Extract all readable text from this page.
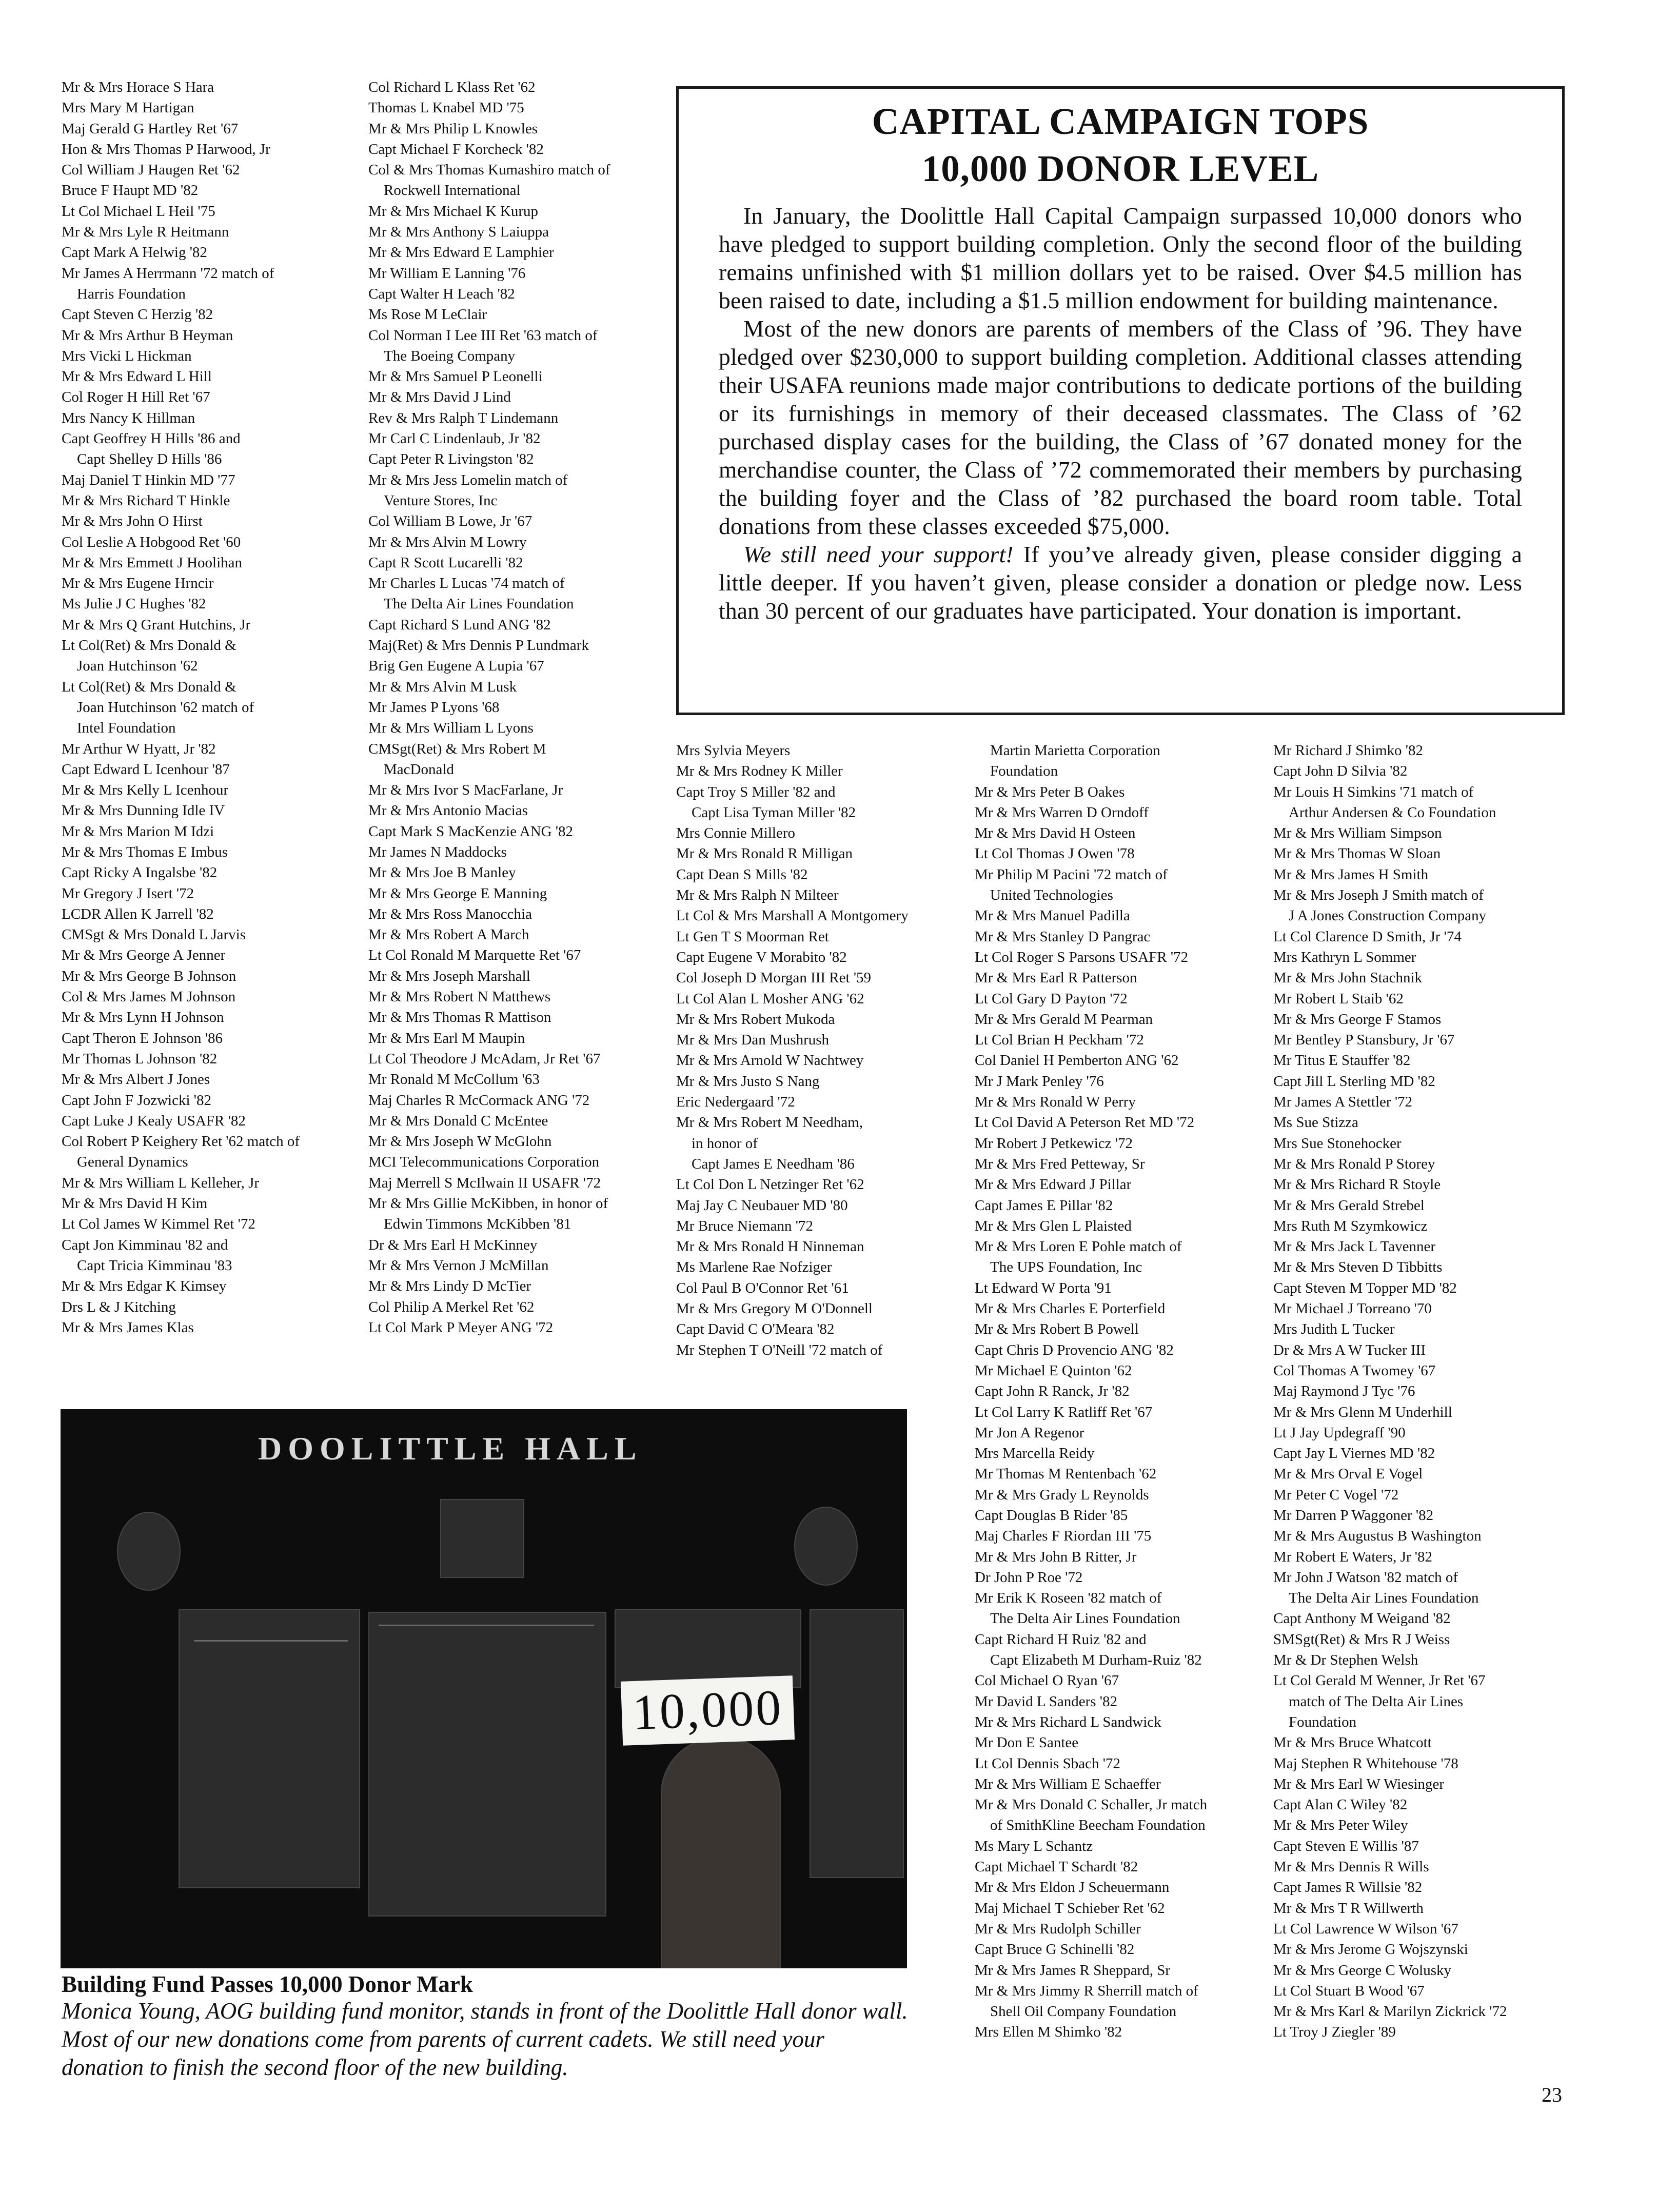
Mr & Mrs Horace S Hara
Mrs Mary M Hartigan
Maj Gerald G Hartley Ret '67
Hon & Mrs Thomas P Harwood, Jr
Col William J Haugen Ret '62
Bruce F Haupt MD '82
Lt Col Michael L Heil '75
Mr & Mrs Lyle R Heitmann
Capt Mark A Helwig '82
Mr James A Herrmann '72 match of
Harris Foundation
Capt Steven C Herzig '82
Mr & Mrs Arthur B Heyman
Mrs Vicki L Hickman
Mr & Mrs Edward L Hill
Col Roger H Hill Ret '67
Mrs Nancy K Hillman
Capt Geoffrey H Hills '86 and
Capt Shelley D Hills '86
Maj Daniel T Hinkin MD '77
Mr & Mrs Richard T Hinkle
Mr & Mrs John O Hirst
Col Leslie A Hobgood Ret '60
Mr & Mrs Emmett J Hoolihan
Mr & Mrs Eugene Hrncir
Ms Julie J C Hughes '82
Mr & Mrs Q Grant Hutchins, Jr
Lt Col(Ret) & Mrs Donald &
Joan Hutchinson '62
Lt Col(Ret) & Mrs Donald &
Joan Hutchinson '62 match of
Intel Foundation
Mr Arthur W Hyatt, Jr '82
Capt Edward L Icenhour '87
Mr & Mrs Kelly L Icenhour
Mr & Mrs Dunning Idle IV
Mr & Mrs Marion M Idzi
Mr & Mrs Thomas E Imbus
Capt Ricky A Ingalsbe '82
Mr Gregory J Isert '72
LCDR Allen K Jarrell '82
CMSgt & Mrs Donald L Jarvis
Mr & Mrs George A Jenner
Mr & Mrs George B Johnson
Col & Mrs James M Johnson
Mr & Mrs Lynn H Johnson
Capt Theron E Johnson '86
Mr Thomas L Johnson '82
Mr & Mrs Albert J Jones
Capt John F Jozwicki '82
Capt Luke J Kealy USAFR '82
Col Robert P Keighery Ret '62 match of
General Dynamics
Mr & Mrs William L Kelleher, Jr
Mr & Mrs David H Kim
Lt Col James W Kimmel Ret '72
Capt Jon Kimminau '82 and
Capt Tricia Kimminau '83
Mr & Mrs Edgar K Kimsey
Drs L & J Kitching
Mr & Mrs James Klas
Col Richard L Klass Ret '62
Thomas L Knabel MD '75
Mr & Mrs Philip L Knowles
Capt Michael F Korcheck '82
Col & Mrs Thomas Kumashiro match of
Rockwell International
Mr & Mrs Michael K Kurup
Mr & Mrs Anthony S Laiuppa
Mr & Mrs Edward E Lamphier
Mr William E Lanning '76
Capt Walter H Leach '82
Ms Rose M LeClair
Col Norman I Lee III Ret '63 match of
The Boeing Company
Mr & Mrs Samuel P Leonelli
Mr & Mrs David J Lind
Rev & Mrs Ralph T Lindemann
Mr Carl C Lindenlaub, Jr '82
Capt Peter R Livingston '82
Mr & Mrs Jess Lomelin match of
Venture Stores, Inc
Col William B Lowe, Jr '67
Mr & Mrs Alvin M Lowry
Capt R Scott Lucarelli '82
Mr Charles L Lucas '74 match of
The Delta Air Lines Foundation
Capt Richard S Lund ANG '82
Maj(Ret) & Mrs Dennis P Lundmark
Brig Gen Eugene A Lupia '67
Mr & Mrs Alvin M Lusk
Mr James P Lyons '68
Mr & Mrs William L Lyons
CMSgt(Ret) & Mrs Robert M
MacDonald
Mr & Mrs Ivor S MacFarlane, Jr
Mr & Mrs Antonio Macias
Capt Mark S MacKenzie ANG '82
Mr James N Maddocks
Mr & Mrs Joe B Manley
Mr & Mrs George E Manning
Mr & Mrs Ross Manocchia
Mr & Mrs Robert A March
Lt Col Ronald M Marquette Ret '67
Mr & Mrs Joseph Marshall
Mr & Mrs Robert N Matthews
Mr & Mrs Thomas R Mattison
Mr & Mrs Earl M Maupin
Lt Col Theodore J McAdam, Jr Ret '67
Mr Ronald M McCollum '63
Maj Charles R McCormack ANG '72
Mr & Mrs Donald C McEntee
Mr & Mrs Joseph W McGlohn
MCI Telecommunications Corporation
Maj Merrell S McIlwain II USAFR '72
Mr & Mrs Gillie McKibben, in honor of
Edwin Timmons McKibben '81
Dr & Mrs Earl H McKinney
Mr & Mrs Vernon J McMillan
Mr & Mrs Lindy D McTier
Col Philip A Merkel Ret '62
Lt Col Mark P Meyer ANG '72
CAPITAL CAMPAIGN TOPS
10,000 DONOR LEVEL

In January, the Doolittle Hall Capital Campaign surpassed 10,000 donors who have pledged to support building completion. Only the second floor of the building remains unfinished with $1 million dollars yet to be raised. Over $4.5 million has been raised to date, including a $1.5 million endowment for building maintenance.

Most of the new donors are parents of members of the Class of ’96. They have pledged over $230,000 to support building completion. Additional classes attending their USAFA reunions made major contributions to dedicate portions of the building or its furnishings in memory of their deceased classmates. The Class of ’62 purchased display cases for the building, the Class of ’67 donated money for the merchandise counter, the Class of ’72 commemorated their members by purchasing the building foyer and the Class of ’82 purchased the board room table. Total donations from these classes exceeded $75,000.

We still need your support! If you’ve already given, please consider digging a little deeper. If you haven’t given, please consider a donation or pledge now. Less than 30 percent of our graduates have participated. Your donation is important.

Mrs Sylvia Meyers
Mr & Mrs Rodney K Miller
Capt Troy S Miller '82 and
Capt Lisa Tyman Miller '82
Mrs Connie Millero
Mr & Mrs Ronald R Milligan
Capt Dean S Mills '82
Mr & Mrs Ralph N Milteer
Lt Col & Mrs Marshall A Montgomery
Lt Gen T S Moorman Ret
Capt Eugene V Morabito '82
Col Joseph D Morgan III Ret '59
Lt Col Alan L Mosher ANG '62
Mr & Mrs Robert Mukoda
Mr & Mrs Dan Mushrush
Mr & Mrs Arnold W Nachtwey
Mr & Mrs Justo S Nang
Eric Nedergaard '72
Mr & Mrs Robert M Needham,
in honor of
Capt James E Needham '86
Lt Col Don L Netzinger Ret '62
Maj Jay C Neubauer MD '80
Mr Bruce Niemann '72
Mr & Mrs Ronald H Ninneman
Ms Marlene Rae Nofziger
Col Paul B O'Connor Ret '61
Mr & Mrs Gregory M O'Donnell
Capt David C O'Meara '82
Mr Stephen T O'Neill '72 match of
Martin Marietta Corporation
Foundation
Mr & Mrs Peter B Oakes
Mr & Mrs Warren D Orndoff
Mr & Mrs David H Osteen
Lt Col Thomas J Owen '78
Mr Philip M Pacini '72 match of
United Technologies
Mr & Mrs Manuel Padilla
Mr & Mrs Stanley D Pangrac
Lt Col Roger S Parsons USAFR '72
Mr & Mrs Earl R Patterson
Lt Col Gary D Payton '72
Mr & Mrs Gerald M Pearman
Lt Col Brian H Peckham '72
Col Daniel H Pemberton ANG '62
Mr J Mark Penley '76
Mr & Mrs Ronald W Perry
Lt Col David A Peterson Ret MD '72
Mr Robert J Petkewicz '72
Mr & Mrs Fred Petteway, Sr
Mr & Mrs Edward J Pillar
Capt James E Pillar '82
Mr & Mrs Glen L Plaisted
Mr & Mrs Loren E Pohle match of
The UPS Foundation, Inc
Lt Edward W Porta '91
Mr & Mrs Charles E Porterfield
Mr & Mrs Robert B Powell
Capt Chris D Provencio ANG '82
Mr Michael E Quinton '62
Capt John R Ranck, Jr '82
Lt Col Larry K Ratliff Ret '67
Mr Jon A Regenor
Mrs Marcella Reidy
Mr Thomas M Rentenbach '62
Mr & Mrs Grady L Reynolds
Capt Douglas B Rider '85
Maj Charles F Riordan III '75
Mr & Mrs John B Ritter, Jr
Dr John P Roe '72
Mr Erik K Roseen '82 match of
The Delta Air Lines Foundation
Capt Richard H Ruiz '82 and
Capt Elizabeth M Durham-Ruiz '82
Col Michael O Ryan '67
Mr David L Sanders '82
Mr & Mrs Richard L Sandwick
Mr Don E Santee
Lt Col Dennis Sbach '72
Mr & Mrs William E Schaeffer
Mr & Mrs Donald C Schaller, Jr match
of SmithKline Beecham Foundation
Ms Mary L Schantz
Capt Michael T Schardt '82
Mr & Mrs Eldon J Scheuermann
Maj Michael T Schieber Ret '62
Mr & Mrs Rudolph Schiller
Capt Bruce G Schinelli '82
Mr & Mrs James R Sheppard, Sr
Mr & Mrs Jimmy R Sherrill match of
Shell Oil Company Foundation
Mrs Ellen M Shimko '82
Mr Richard J Shimko '82
Capt John D Silvia '82
Mr Louis H Simkins '71 match of
Arthur Andersen & Co Foundation
Mr & Mrs William Simpson
Mr & Mrs Thomas W Sloan
Mr & Mrs James H Smith
Mr & Mrs Joseph J Smith match of
J A Jones Construction Company
Lt Col Clarence D Smith, Jr '74
Mrs Kathryn L Sommer
Mr & Mrs John Stachnik
Mr Robert L Staib '62
Mr & Mrs George F Stamos
Mr Bentley P Stansbury, Jr '67
Mr Titus E Stauffer '82
Capt Jill L Sterling MD '82
Mr James A Stettler '72
Ms Sue Stizza
Mrs Sue Stonehocker
Mr & Mrs Ronald P Storey
Mr & Mrs Richard R Stoyle
Mr & Mrs Gerald Strebel
Mrs Ruth M Szymkowicz
Mr & Mrs Jack L Tavenner
Mr & Mrs Steven D Tibbitts
Capt Steven M Topper MD '82
Mr Michael J Torreano '70
Mrs Judith L Tucker
Dr & Mrs A W Tucker III
Col Thomas A Twomey '67
Maj Raymond J Tyc '76
Mr & Mrs Glenn M Underhill
Lt J Jay Updegraff '90
Capt Jay L Viernes MD '82
Mr & Mrs Orval E Vogel
Mr Peter C Vogel '72
Mr Darren P Waggoner '82
Mr & Mrs Augustus B Washington
Mr Robert E Waters, Jr '82
Mr John J Watson '82 match of
The Delta Air Lines Foundation
Capt Anthony M Weigand '82
SMSgt(Ret) & Mrs R J Weiss
Mr & Dr Stephen Welsh
Lt Col Gerald M Wenner, Jr Ret '67
match of The Delta Air Lines
Foundation
Mr & Mrs Bruce Whatcott
Maj Stephen R Whitehouse '78
Mr & Mrs Earl W Wiesinger
Capt Alan C Wiley '82
Mr & Mrs Peter Wiley
Capt Steven E Willis '87
Mr & Mrs Dennis R Wills
Capt James R Willsie '82
Mr & Mrs T R Willwerth
Lt Col Lawrence W Wilson '67
Mr & Mrs Jerome G Wojszynski
Mr & Mrs George C Wolusky
Lt Col Stuart B Wood '67
Mr & Mrs Karl & Marilyn Zickrick '72
Lt Troy J Ziegler '89
DOOLITTLE HALL
10,000
Building Fund Passes 10,000 Donor Mark

Monica Young, AOG building fund monitor, stands in front of the Doolittle Hall donor wall. Most of our new donations come from parents of current cadets. We still need your donation to finish the second floor of the new building.

23
